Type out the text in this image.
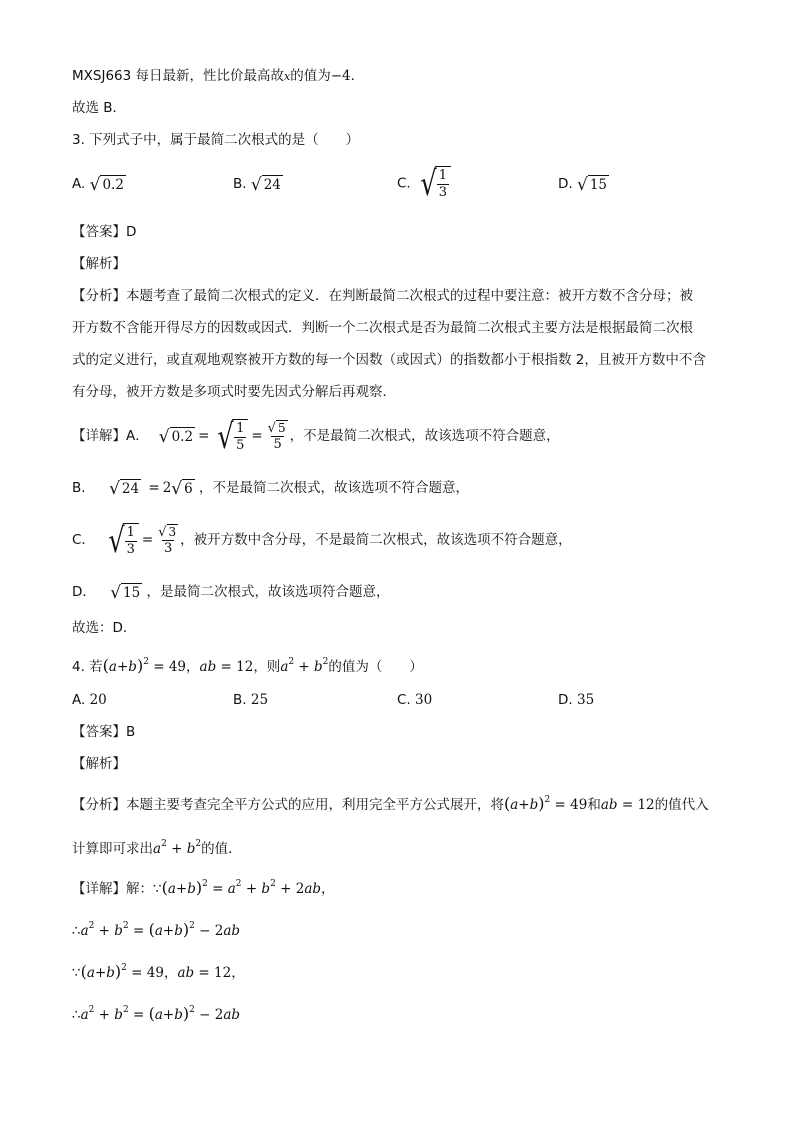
MXSJ663 每日最新，性比价最高故x的值为−4．
故选 B．
3. 下列式子中，属于最简二次根式的是（　　）
A. √ 0.2	B. √ 24	C. √ $\frac{1}{3}$	D. √ 15
【答案】D
【解析】
【分析】本题考查了最简二次根式的定义．在判断最简二次根式的过程中要注意：被开方数不含分母；被
开方数不含能开得尽方的因数或因式．判断一个二次根式是否为最简二次根式主要方法是根据最简二次根
式的定义进行，或直观地观察被开方数的每一个因数（或因式）的指数都小于根指数 2，且被开方数中不含
有分母，被开方数是多项式时要先因式分解后再观察．
【详解】 A． √ 0.2 = √ $\frac{1}{5} = \frac{√ 5}{5}$ ，不是最简二次根式，故该选项不符合题意，
B． √ 24 = 2 √ 6 ，不是最简二次根式，故该选项不符合题意，
C． √ $\frac{1}{3} = \frac{√ 3}{3}$ ，被开方数中含分母，不是最简二次根式，故该选项不符合题意，
D． √ 15 ，是最简二次根式，故该选项符合题意，
故选：D．
4. 若$(a+b)^2 = 49$，ab = 12，则$a^2 + b^2$的值为（　　）
A. 20	B. 25	C. 30	D. 35
【答案】B
【解析】
【分析】本题主要考查完全平方公式的应用，利用完全平方公式展开，将$(a+b)^2 = 49$和ab = 12的值代入
计算即可求出$a^2 + b^2$的值．
【详解】解：$\because(a+b)^2 = a^2 + b^2 + 2ab$，
$\therefore a^2 + b^2 = (a+b)^2 - 2ab$
$\because(a+b)^2 = 49$，ab = 12，
$\therefore a^2 + b^2 = (a+b)^2 - 2ab$
